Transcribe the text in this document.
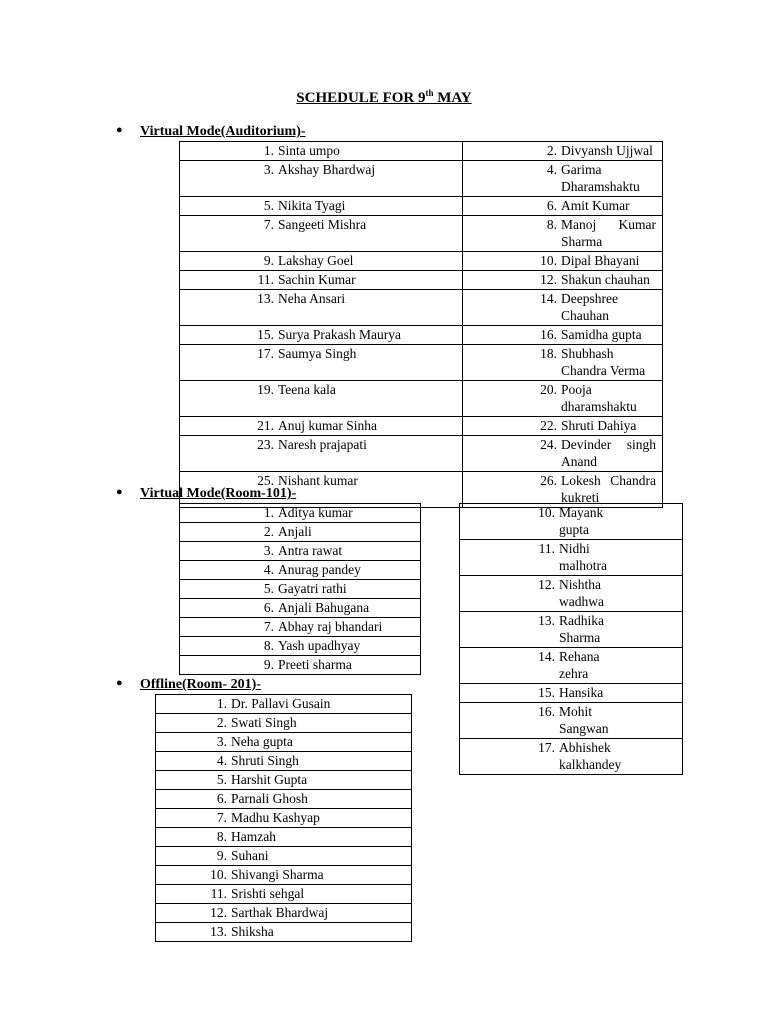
SCHEDULE FOR 9th MAY
● Virtual Mode(Auditorium)-
1. Sinta umpo	2. Divyansh Ujjwal

3. Akshay Bhardwaj	4. Garima Dharamshaktu

5. Nikita Tyagi	6. Amit Kumar

7. Sangeeti Mishra	8. Manoj Kumar Sharma

9. Lakshay Goel	10. Dipal Bhayani

11. Sachin Kumar	12. Shakun chauhan

13. Neha Ansari	14. Deepshree Chauhan

15. Surya Prakash Maurya	16. Samidha gupta

17. Saumya Singh	18. Shubhash Chandra Verma

19. Teena kala	20. Pooja dharamshaktu

21. Anuj kumar Sinha	22. Shruti Dahiya

23. Naresh prajapati	24. Devinder singh Anand

25. Nishant kumar	26. Lokesh Chandra kukreti
● Virtual Mode(Room-101)-
1. Aditya kumar

2. Anjali

3. Antra rawat

4. Anurag pandey

5. Gayatri rathi

6. Anjali Bahugana

7. Abhay raj bhandari

8. Yash upadhyay

9. Preeti sharma
10. Mayank gupta

11. Nidhi malhotra

12. Nishtha wadhwa

13. Radhika Sharma

14. Rehana zehra

15. Hansika

16. Mohit Sangwan

17. Abhishek kalkhandey
● Offline(Room- 201)-
1. Dr. Pallavi Gusain

2. Swati Singh

3. Neha gupta

4. Shruti Singh

5. Harshit Gupta

6. Parnali Ghosh

7. Madhu Kashyap

8. Hamzah

9. Suhani

10. Shivangi Sharma

11. Srishti sehgal

12. Sarthak Bhardwaj

13. Shiksha
